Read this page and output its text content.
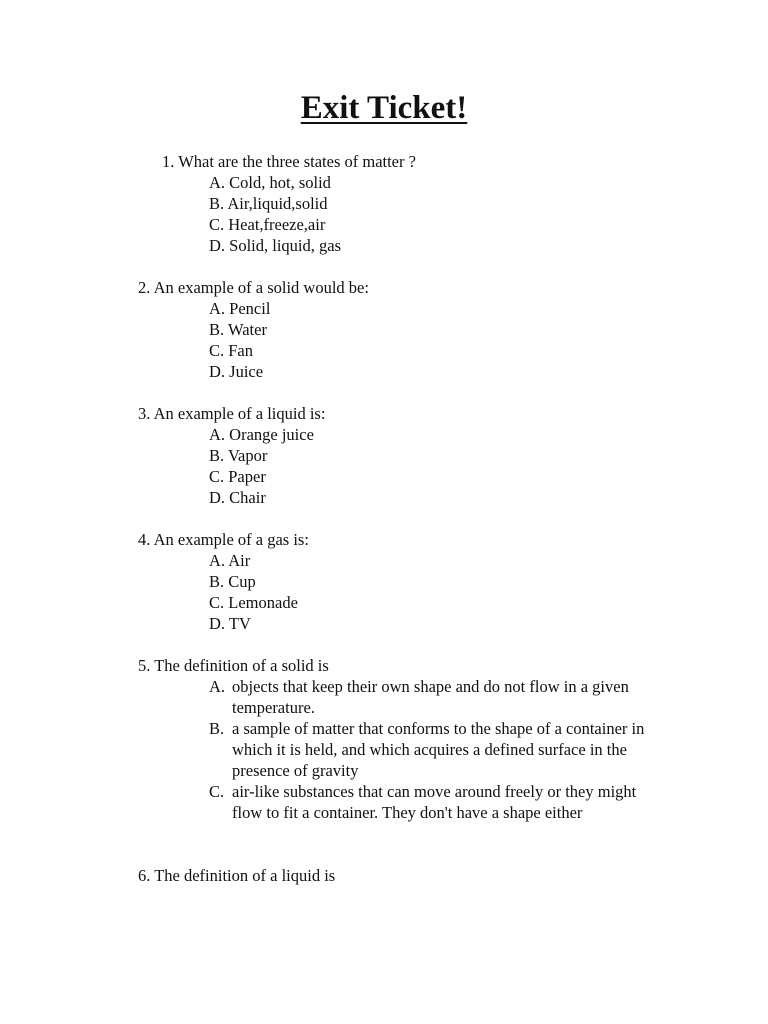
Exit Ticket!
1. What are the three states of matter ?
A. Cold, hot, solid
B. Air,liquid,solid
C. Heat,freeze,air
D. Solid, liquid, gas
2. An example of a solid would be:
A. Pencil
B. Water
C. Fan
D. Juice
3. An example of a liquid is:
A. Orange juice
B. Vapor
C. Paper
D. Chair
4. An example of a gas is:
A. Air
B. Cup
C. Lemonade
D. TV
5. The definition of a solid is
A. objects that keep their own shape and do not flow in a given temperature.
B. a sample of matter that conforms to the shape of a container in which it is held, and which acquires a defined surface in the presence of gravity
C. air-like substances that can move around freely or they might flow to fit a container. They don't have a shape either
6. The definition of a liquid is
